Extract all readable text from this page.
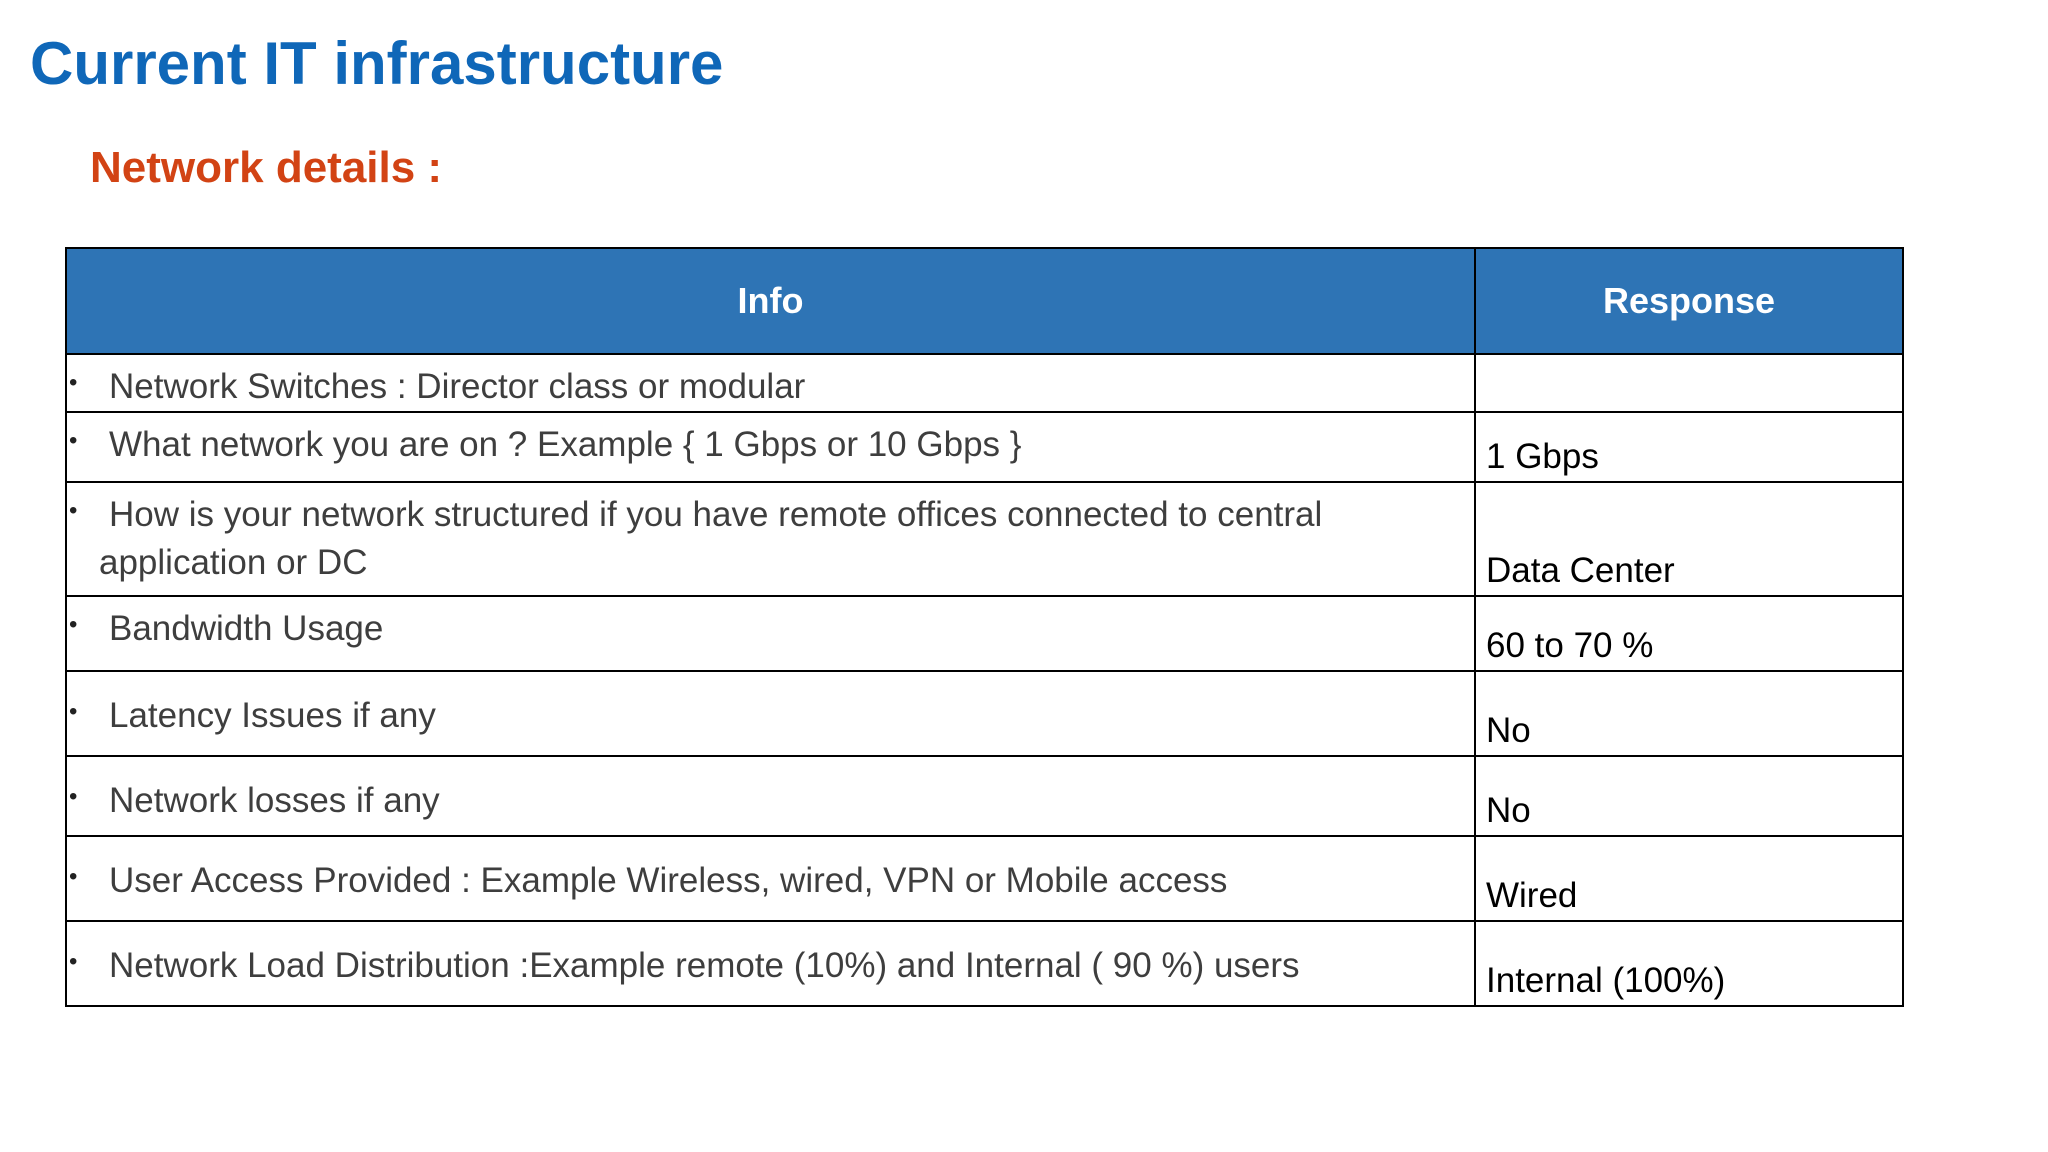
Current IT infrastructure
Network details :
Info	Response

• Network Switches : Director class or modular	

• What network you are on ? Example { 1 Gbps or 10 Gbps }	1 Gbps

• How is your network structured if you have remote offices connected to central
application or DC	Data Center

• Bandwidth Usage	60 to 70 %

• Latency Issues if any	No

• Network losses if any	No

• User Access Provided : Example Wireless, wired, VPN or Mobile access	Wired

• Network Load Distribution :Example remote (10%) and Internal ( 90 %) users	Internal (100%)
